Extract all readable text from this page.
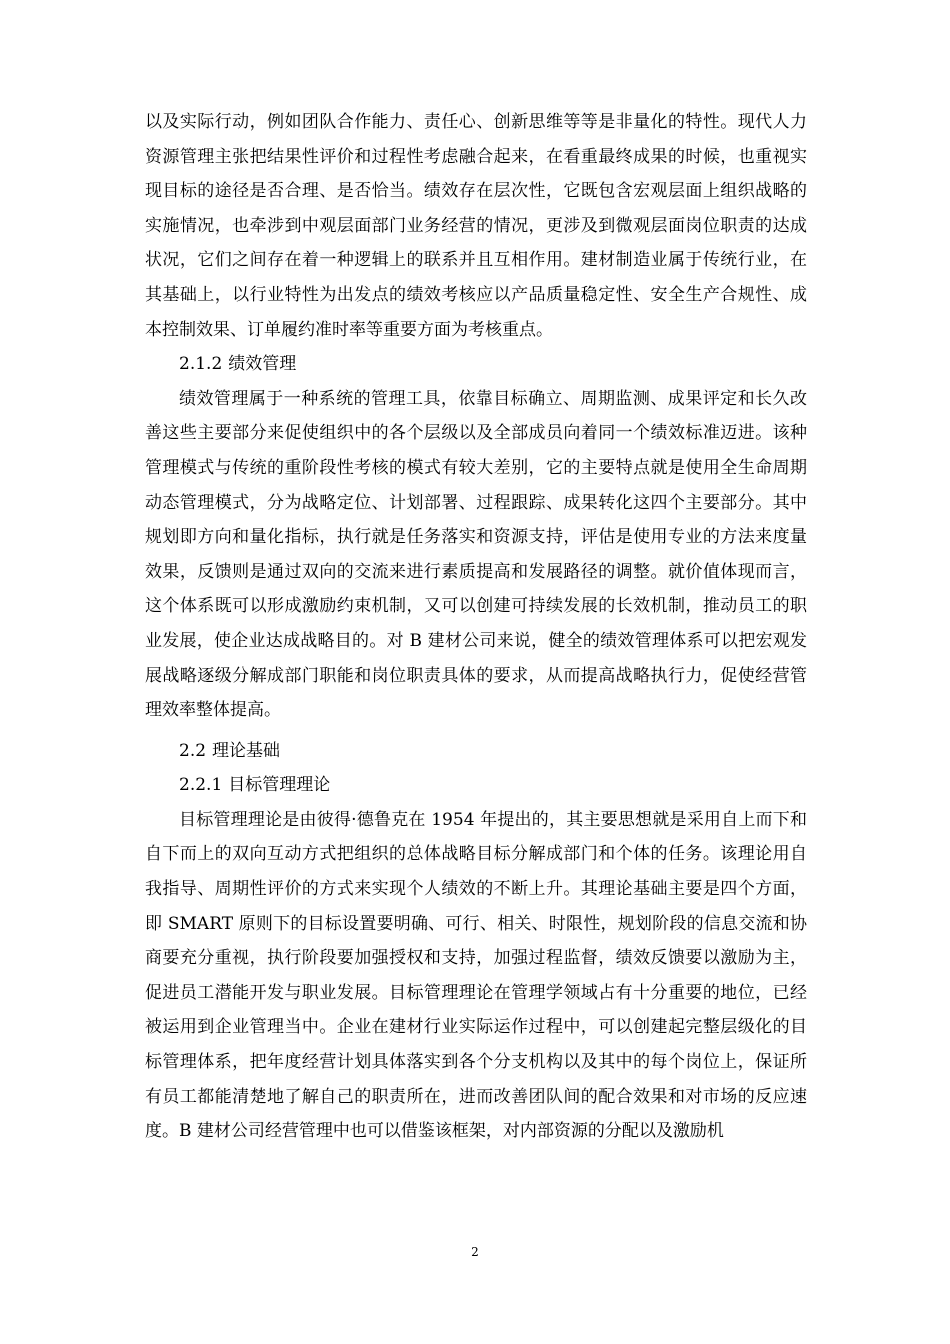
以及实际行动，例如团队合作能力、责任心、创新思维等等是非量化的特性。现代人力资源管理主张把结果性评价和过程性考虑融合起来，在看重最终成果的时候，也重视实现目标的途径是否合理、是否恰当。绩效存在层次性，它既包含宏观层面上组织战略的实施情况，也牵涉到中观层面部门业务经营的情况，更涉及到微观层面岗位职责的达成状况，它们之间存在着一种逻辑上的联系并且互相作用。建材制造业属于传统行业，在其基础上，以行业特性为出发点的绩效考核应以产品质量稳定性、安全生产合规性、成本控制效果、订单履约准时率等重要方面为考核重点。

2.1.2 绩效管理

绩效管理属于一种系统的管理工具，依靠目标确立、周期监测、成果评定和长久改善这些主要部分来促使组织中的各个层级以及全部成员向着同一个绩效标准迈进。该种管理模式与传统的重阶段性考核的模式有较大差别，它的主要特点就是使用全生命周期动态管理模式，分为战略定位、计划部署、过程跟踪、成果转化这四个主要部分。其中规划即方向和量化指标，执行就是任务落实和资源支持，评估是使用专业的方法来度量效果，反馈则是通过双向的交流来进行素质提高和发展路径的调整。就价值体现而言，这个体系既可以形成激励约束机制，又可以创建可持续发展的长效机制，推动员工的职业发展，使企业达成战略目的。对 B 建材公司来说，健全的绩效管理体系可以把宏观发展战略逐级分解成部门职能和岗位职责具体的要求，从而提高战略执行力，促使经营管理效率整体提高。

2.2 理论基础
2.2.1 目标管理理论

目标管理理论是由彼得·德鲁克在 1954 年提出的，其主要思想就是采用自上而下和自下而上的双向互动方式把组织的总体战略目标分解成部门和个体的任务。该理论用自我指导、周期性评价的方式来实现个人绩效的不断上升。其理论基础主要是四个方面，即 SMART 原则下的目标设置要明确、可行、相关、时限性，规划阶段的信息交流和协商要充分重视，执行阶段要加强授权和支持，加强过程监督，绩效反馈要以激励为主，促进员工潜能开发与职业发展。目标管理理论在管理学领域占有十分重要的地位，已经被运用到企业管理当中。企业在建材行业实际运作过程中，可以创建起完整层级化的目标管理体系，把年度经营计划具体落实到各个分支机构以及其中的每个岗位上，保证所有员工都能清楚地了解自己的职责所在，进而改善团队间的配合效果和对市场的反应速度。B 建材公司经营管理中也可以借鉴该框架，对内部资源的分配以及激励机

2
